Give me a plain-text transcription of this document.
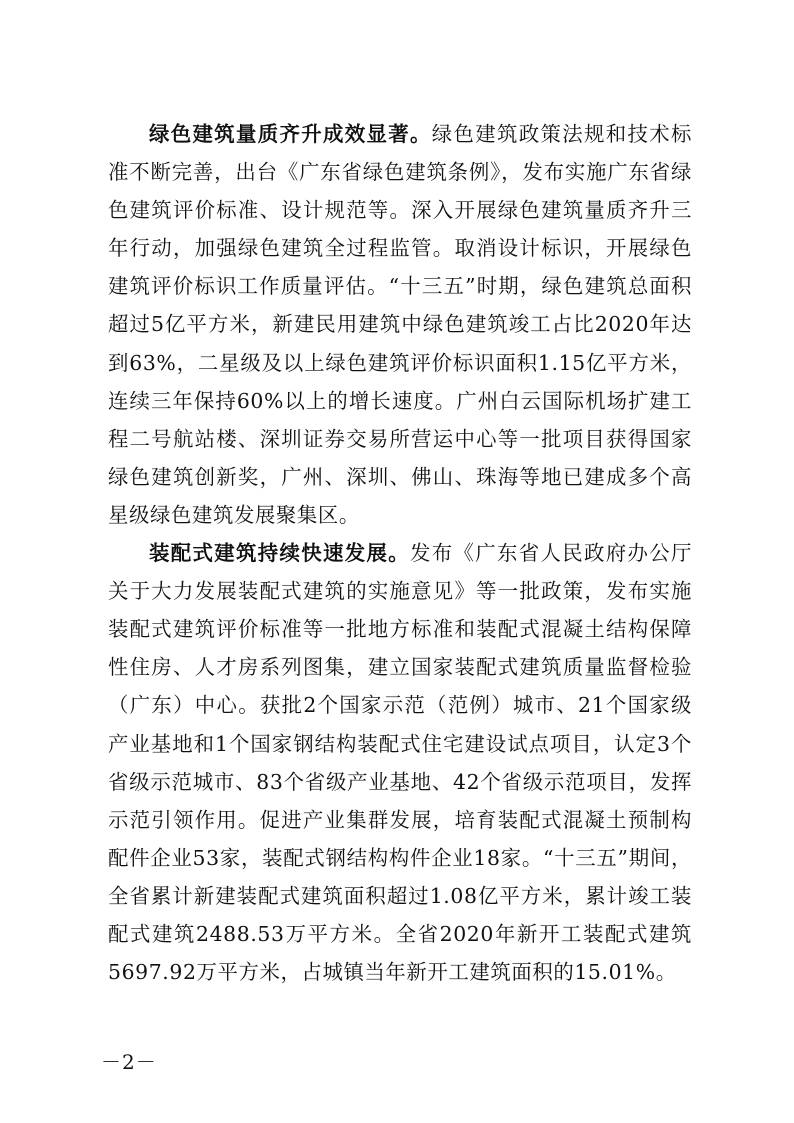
绿色建筑量质齐升成效显著。绿色建筑政策法规和技术标准不断完善，出台《广东省绿色建筑条例》，发布实施广东省绿色建筑评价标准、设计规范等。深入开展绿色建筑量质齐升三年行动，加强绿色建筑全过程监管。取消设计标识，开展绿色建筑评价标识工作质量评估。“十三五”时期，绿色建筑总面积超过5亿平方米，新建民用建筑中绿色建筑竣工占比2020年达到63%，二星级及以上绿色建筑评价标识面积1.15亿平方米，连续三年保持60%以上的增长速度。广州白云国际机场扩建工程二号航站楼、深圳证券交易所营运中心等一批项目获得国家绿色建筑创新奖，广州、深圳、佛山、珠海等地已建成多个高星级绿色建筑发展聚集区。

装配式建筑持续快速发展。发布《广东省人民政府办公厅关于大力发展装配式建筑的实施意见》等一批政策，发布实施装配式建筑评价标准等一批地方标准和装配式混凝土结构保障性住房、人才房系列图集，建立国家装配式建筑质量监督检验（广东）中心。获批2个国家示范（范例）城市、21个国家级产业基地和1个国家钢结构装配式住宅建设试点项目，认定3个省级示范城市、83个省级产业基地、42个省级示范项目，发挥示范引领作用。促进产业集群发展，培育装配式混凝土预制构配件企业53家，装配式钢结构构件企业18家。“十三五”期间，全省累计新建装配式建筑面积超过1.08亿平方米，累计竣工装配式建筑2488.53万平方米。全省2020年新开工装配式建筑5697.92万平方米，占城镇当年新开工建筑面积的15.01%。

－2－
